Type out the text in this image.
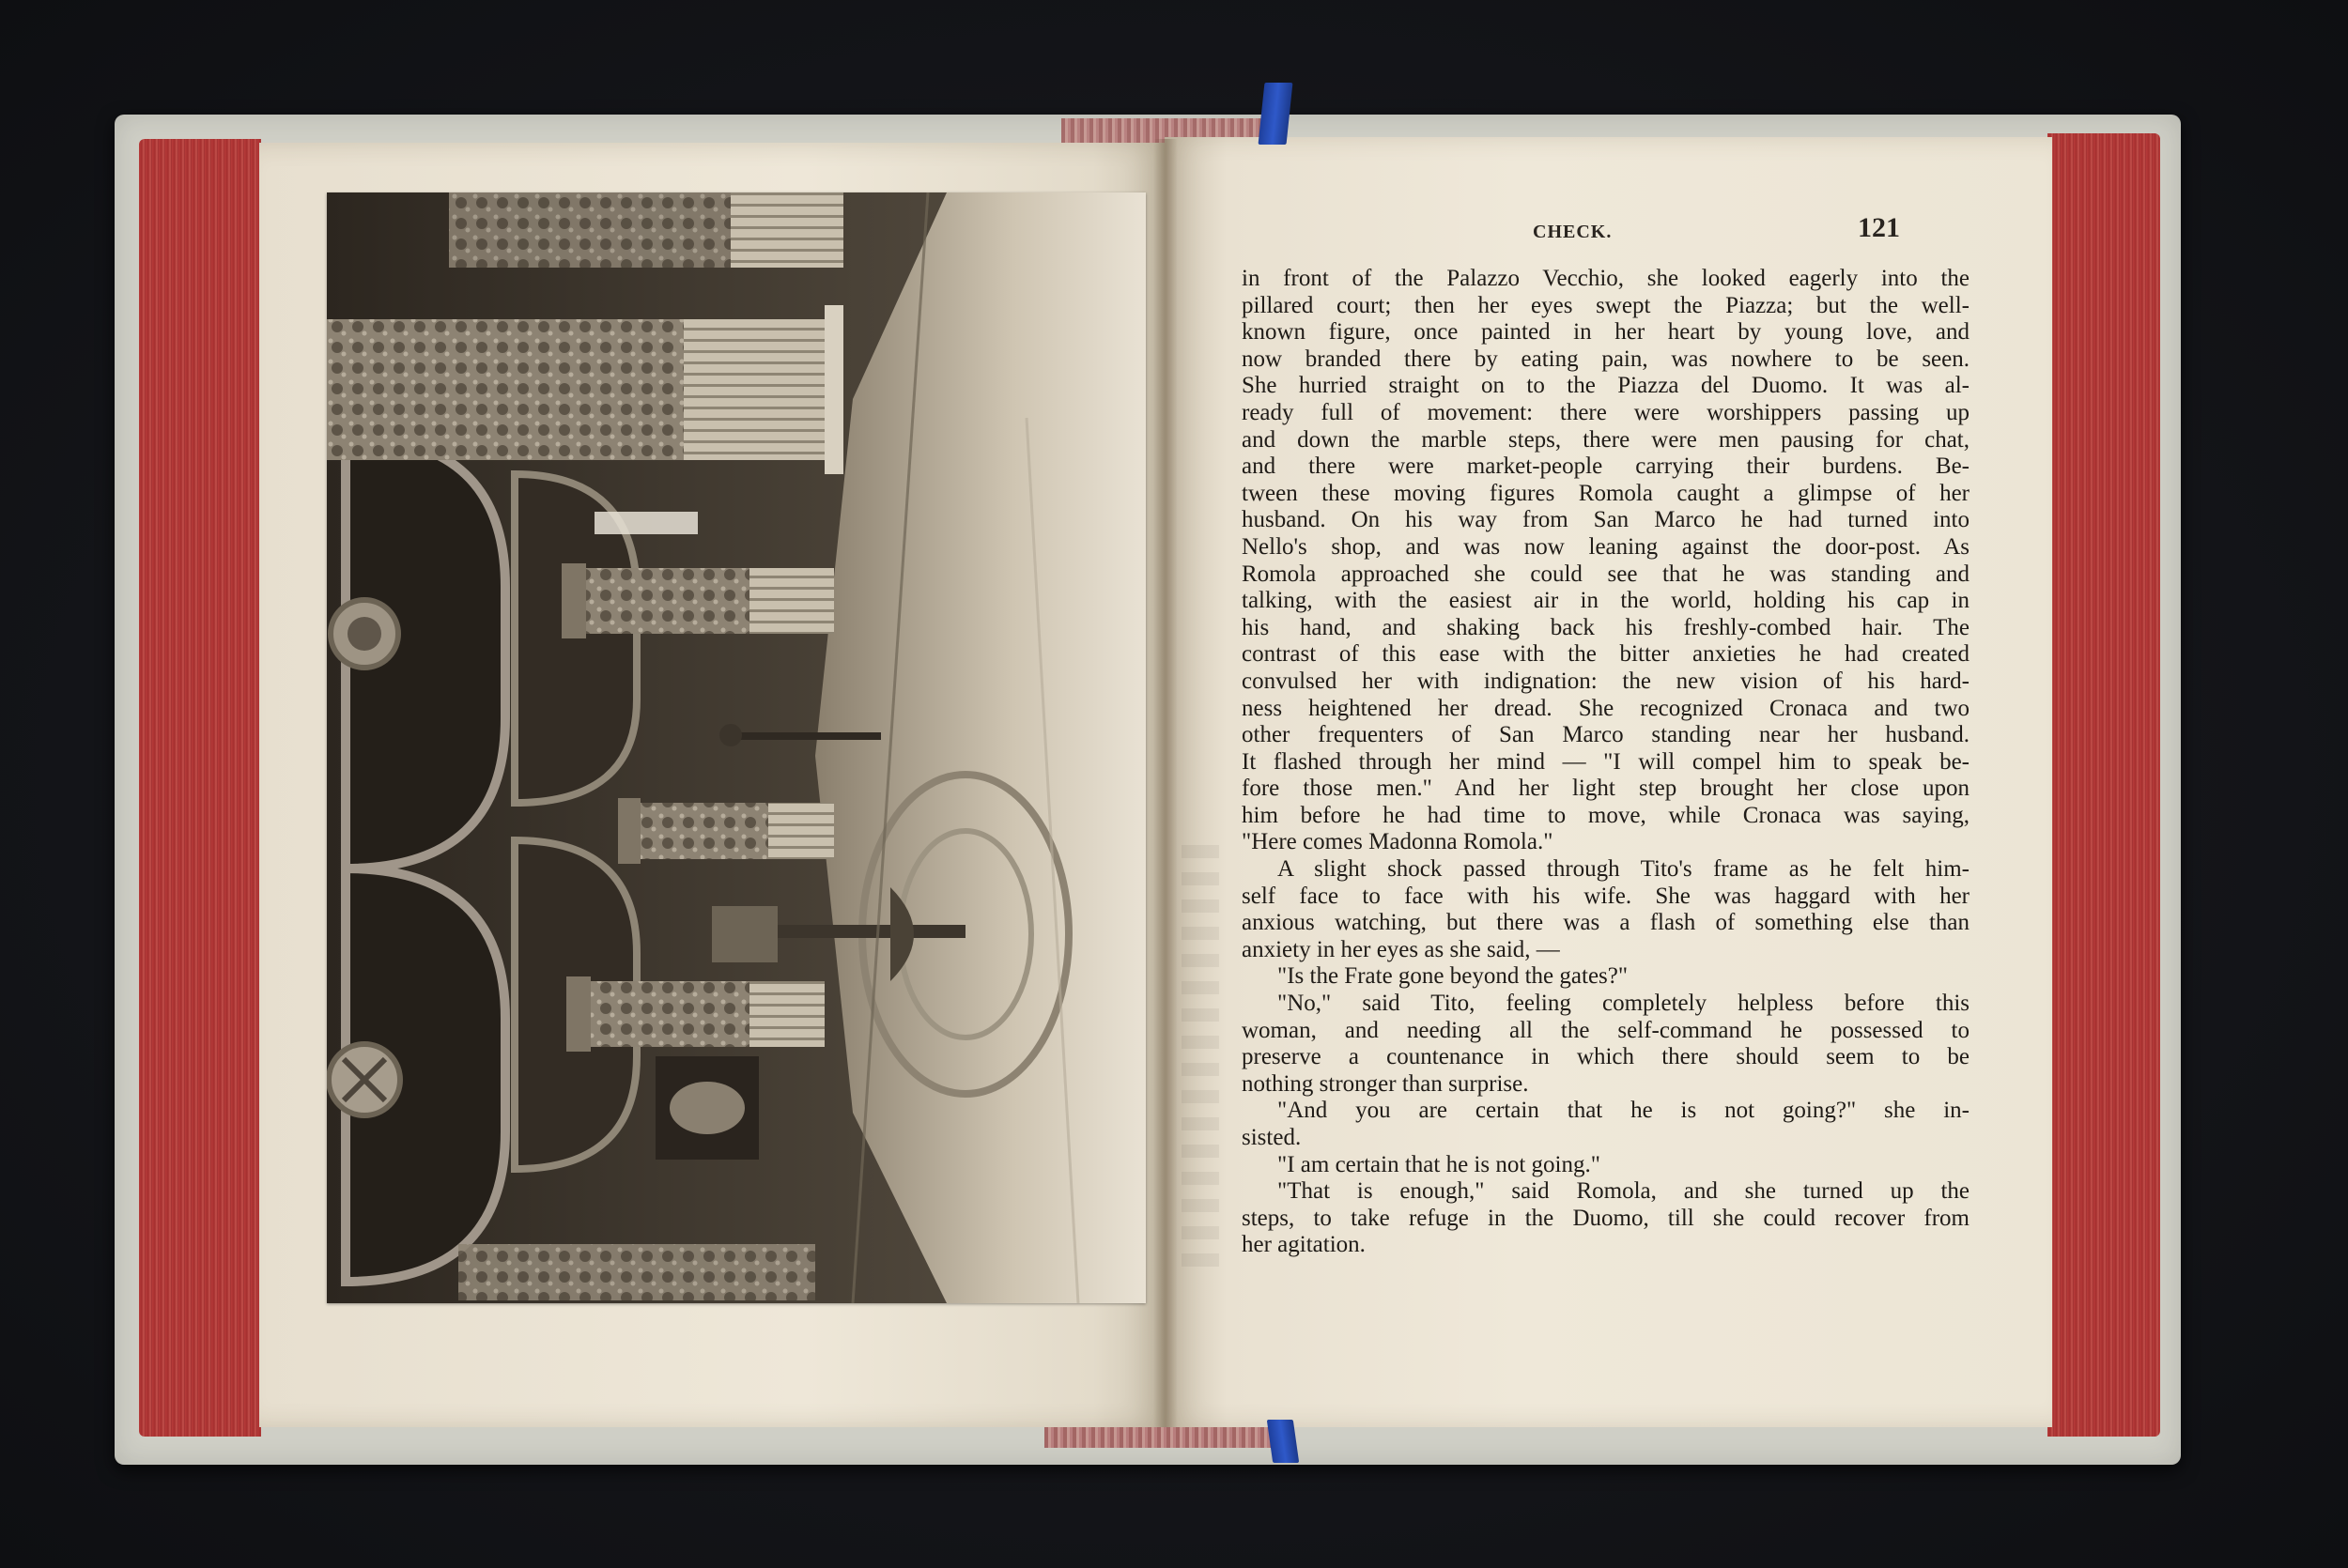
CHECK.	121
in front of the Palazzo Vecchio, she looked eagerly into the
pillared court; then her eyes swept the Piazza; but the well-
known figure, once painted in her heart by young love, and
now branded there by eating pain, was nowhere to be seen.
She hurried straight on to the Piazza del Duomo. It was al-
ready full of movement: there were worshippers passing up
and down the marble steps, there were men pausing for chat,
and there were market-people carrying their burdens. Be-
tween these moving figures Romola caught a glimpse of her
husband. On his way from San Marco he had turned into
Nello's shop, and was now leaning against the door-post. As
Romola approached she could see that he was standing and
talking, with the easiest air in the world, holding his cap in
his hand, and shaking back his freshly-combed hair. The
contrast of this ease with the bitter anxieties he had created
convulsed her with indignation: the new vision of his hard-
ness heightened her dread. She recognized Cronaca and two
other frequenters of San Marco standing near her husband.
It flashed through her mind — "I will compel him to speak be-
fore those men." And her light step brought her close upon
him before he had time to move, while Cronaca was saying,
"Here comes Madonna Romola."
A slight shock passed through Tito's frame as he felt him-
self face to face with his wife. She was haggard with her
anxious watching, but there was a flash of something else than
anxiety in her eyes as she said, —
"Is the Frate gone beyond the gates?"
"No," said Tito, feeling completely helpless before this
woman, and needing all the self-command he possessed to
preserve a countenance in which there should seem to be
nothing stronger than surprise.
"And you are certain that he is not going?" she in-
sisted.
"I am certain that he is not going."
"That is enough," said Romola, and she turned up the
steps, to take refuge in the Duomo, till she could recover from
her agitation.
